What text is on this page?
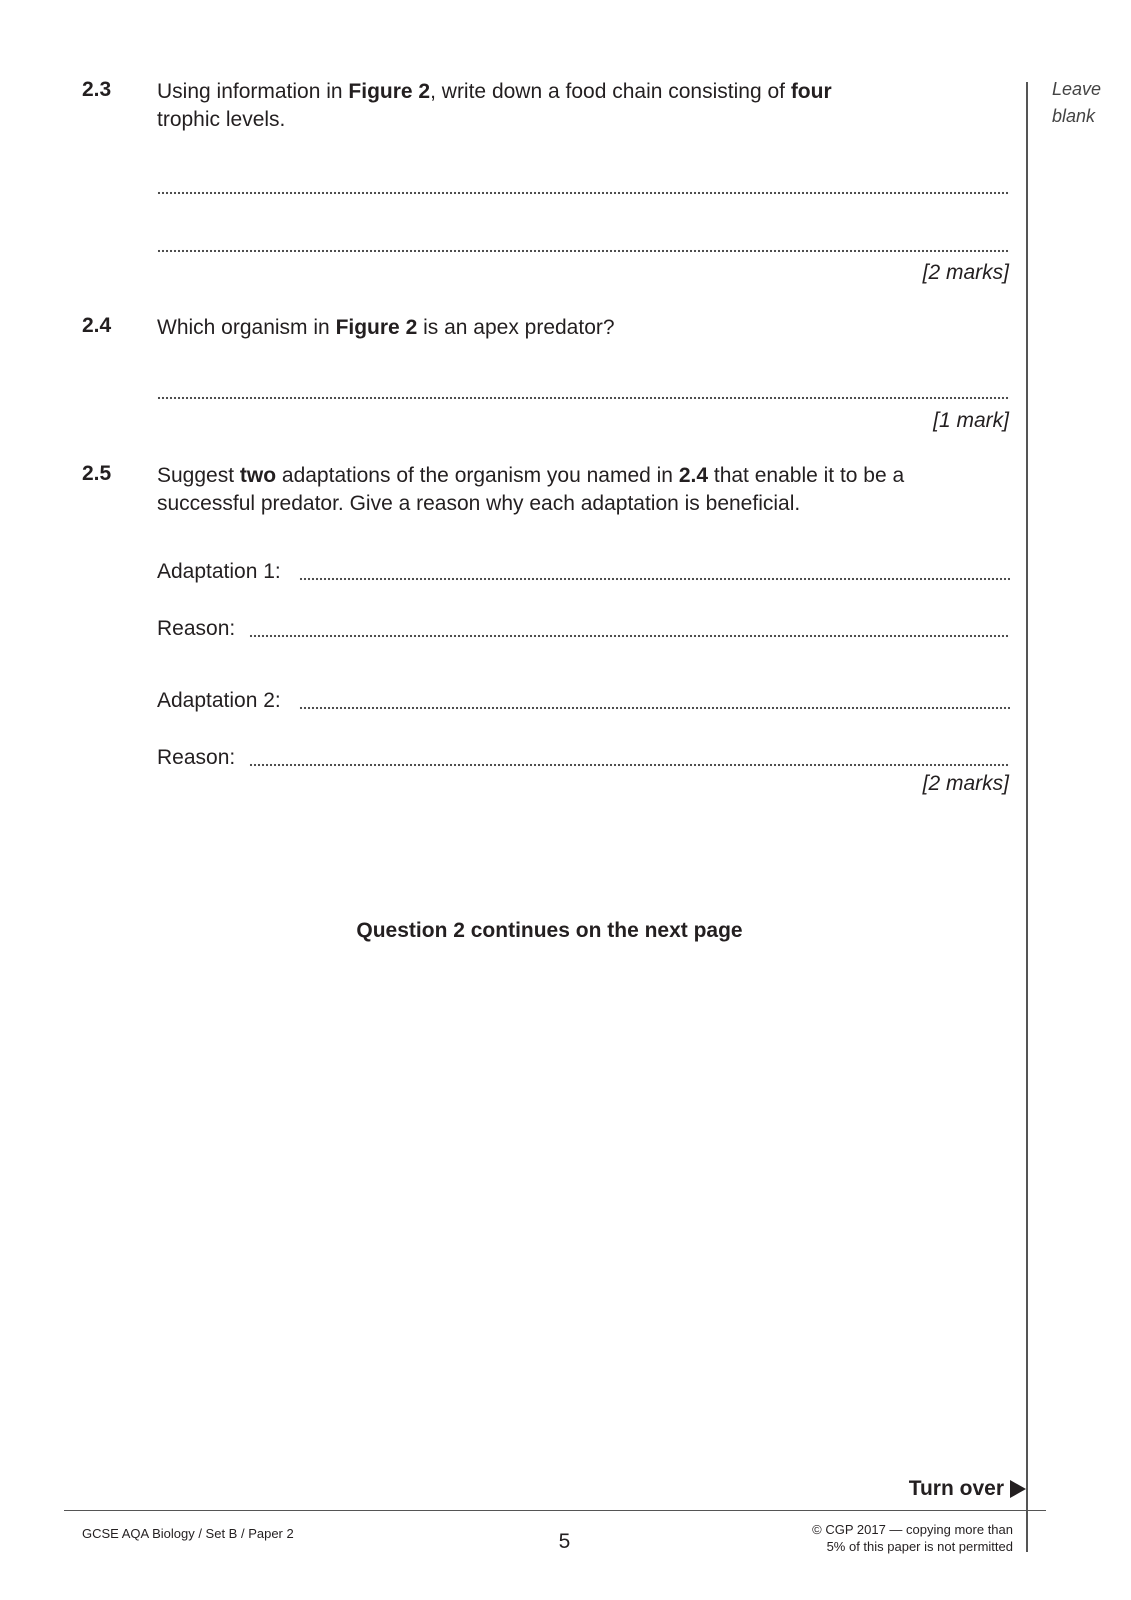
Leave
blank
2.3 Using information in Figure 2, write down a food chain consisting of four
trophic levels.
[2 marks]
2.4 Which organism in Figure 2 is an apex predator?
[1 mark]
2.5 Suggest two adaptations of the organism you named in 2.4 that enable it to be a successful predator. Give a reason why each adaptation is beneficial.
Adaptation 1:
Reason:
Adaptation 2:
Reason:
[2 marks]
Question 2 continues on the next page
Turn over
GCSE AQA Biology / Set B / Paper 2	5
© CGP 2017 — copying more than
5% of this paper is not permitted
